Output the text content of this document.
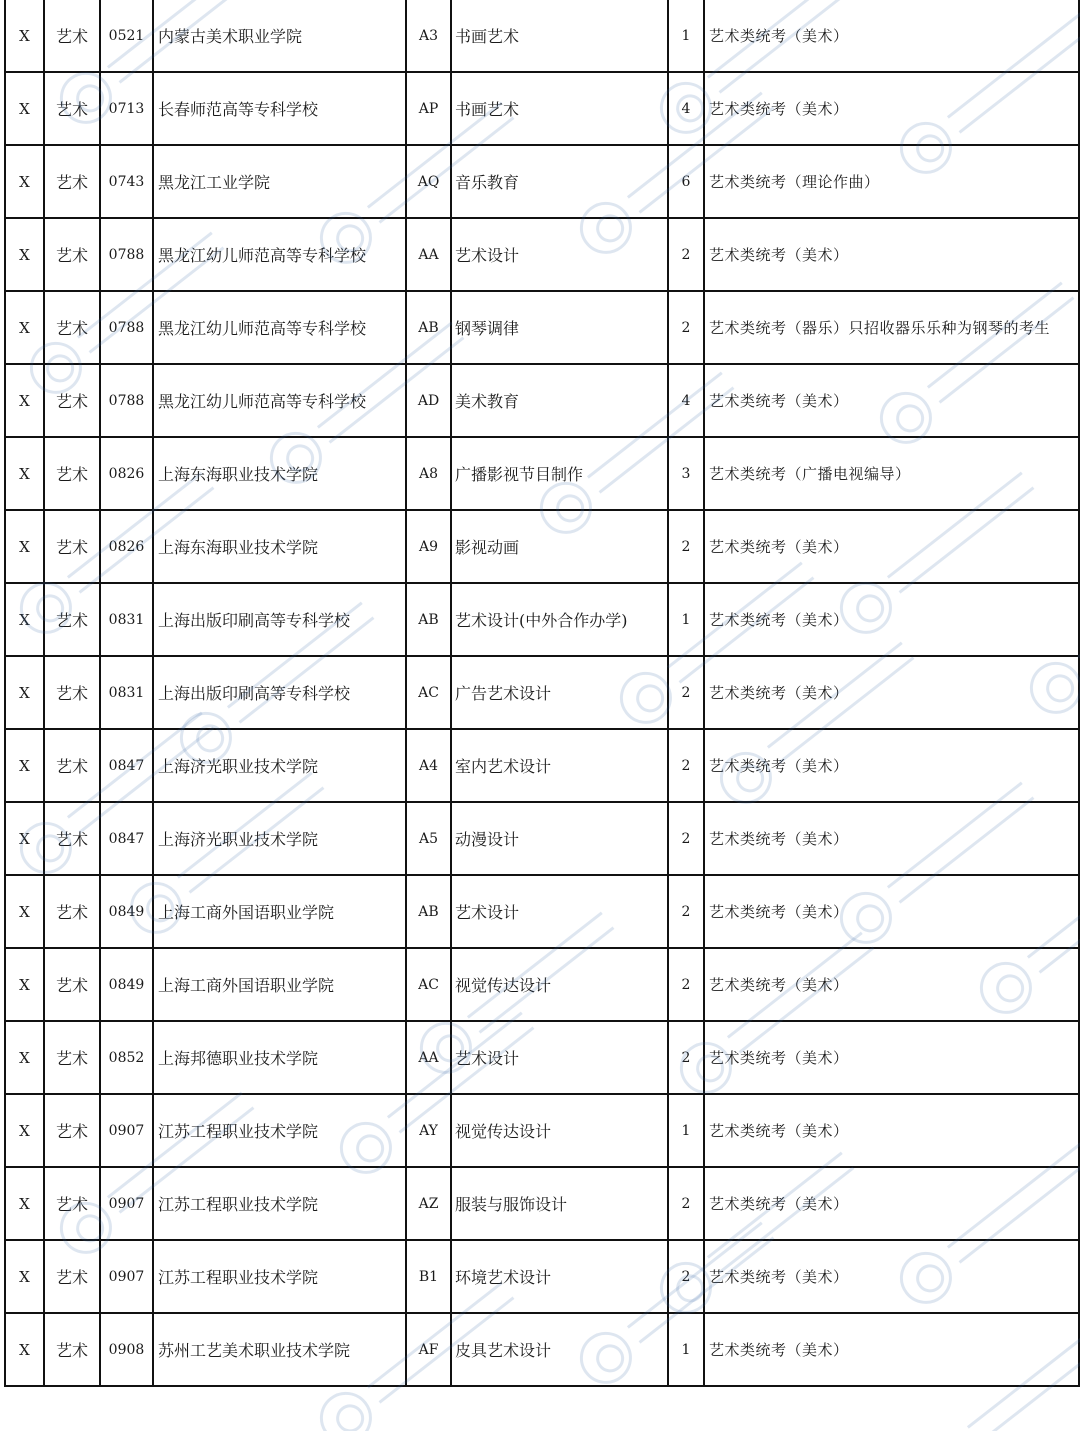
X	艺术	0521	内蒙古美术职业学院	A3	书画艺术	1	艺术类统考（美术）
X	艺术	0713	长春师范高等专科学校	AP	书画艺术	4	艺术类统考（美术）
X	艺术	0743	黑龙江工业学院	AQ	音乐教育	6	艺术类统考（理论作曲）
X	艺术	0788	黑龙江幼儿师范高等专科学校	AA	艺术设计	2	艺术类统考（美术）
X	艺术	0788	黑龙江幼儿师范高等专科学校	AB	钢琴调律	2	艺术类统考（器乐）只招收器乐乐种为钢琴的考生
X	艺术	0788	黑龙江幼儿师范高等专科学校	AD	美术教育	4	艺术类统考（美术）
X	艺术	0826	上海东海职业技术学院	A8	广播影视节目制作	3	艺术类统考（广播电视编导）
X	艺术	0826	上海东海职业技术学院	A9	影视动画	2	艺术类统考（美术）
X	艺术	0831	上海出版印刷高等专科学校	AB	艺术设计(中外合作办学)	1	艺术类统考（美术）
X	艺术	0831	上海出版印刷高等专科学校	AC	广告艺术设计	2	艺术类统考（美术）
X	艺术	0847	上海济光职业技术学院	A4	室内艺术设计	2	艺术类统考（美术）
X	艺术	0847	上海济光职业技术学院	A5	动漫设计	2	艺术类统考（美术）
X	艺术	0849	上海工商外国语职业学院	AB	艺术设计	2	艺术类统考（美术）
X	艺术	0849	上海工商外国语职业学院	AC	视觉传达设计	2	艺术类统考（美术）
X	艺术	0852	上海邦德职业技术学院	AA	艺术设计	2	艺术类统考（美术）
X	艺术	0907	江苏工程职业技术学院	AY	视觉传达设计	1	艺术类统考（美术）
X	艺术	0907	江苏工程职业技术学院	AZ	服装与服饰设计	2	艺术类统考（美术）
X	艺术	0907	江苏工程职业技术学院	B1	环境艺术设计	2	艺术类统考（美术）
X	艺术	0908	苏州工艺美术职业技术学院	AF	皮具艺术设计	1	艺术类统考（美术）
